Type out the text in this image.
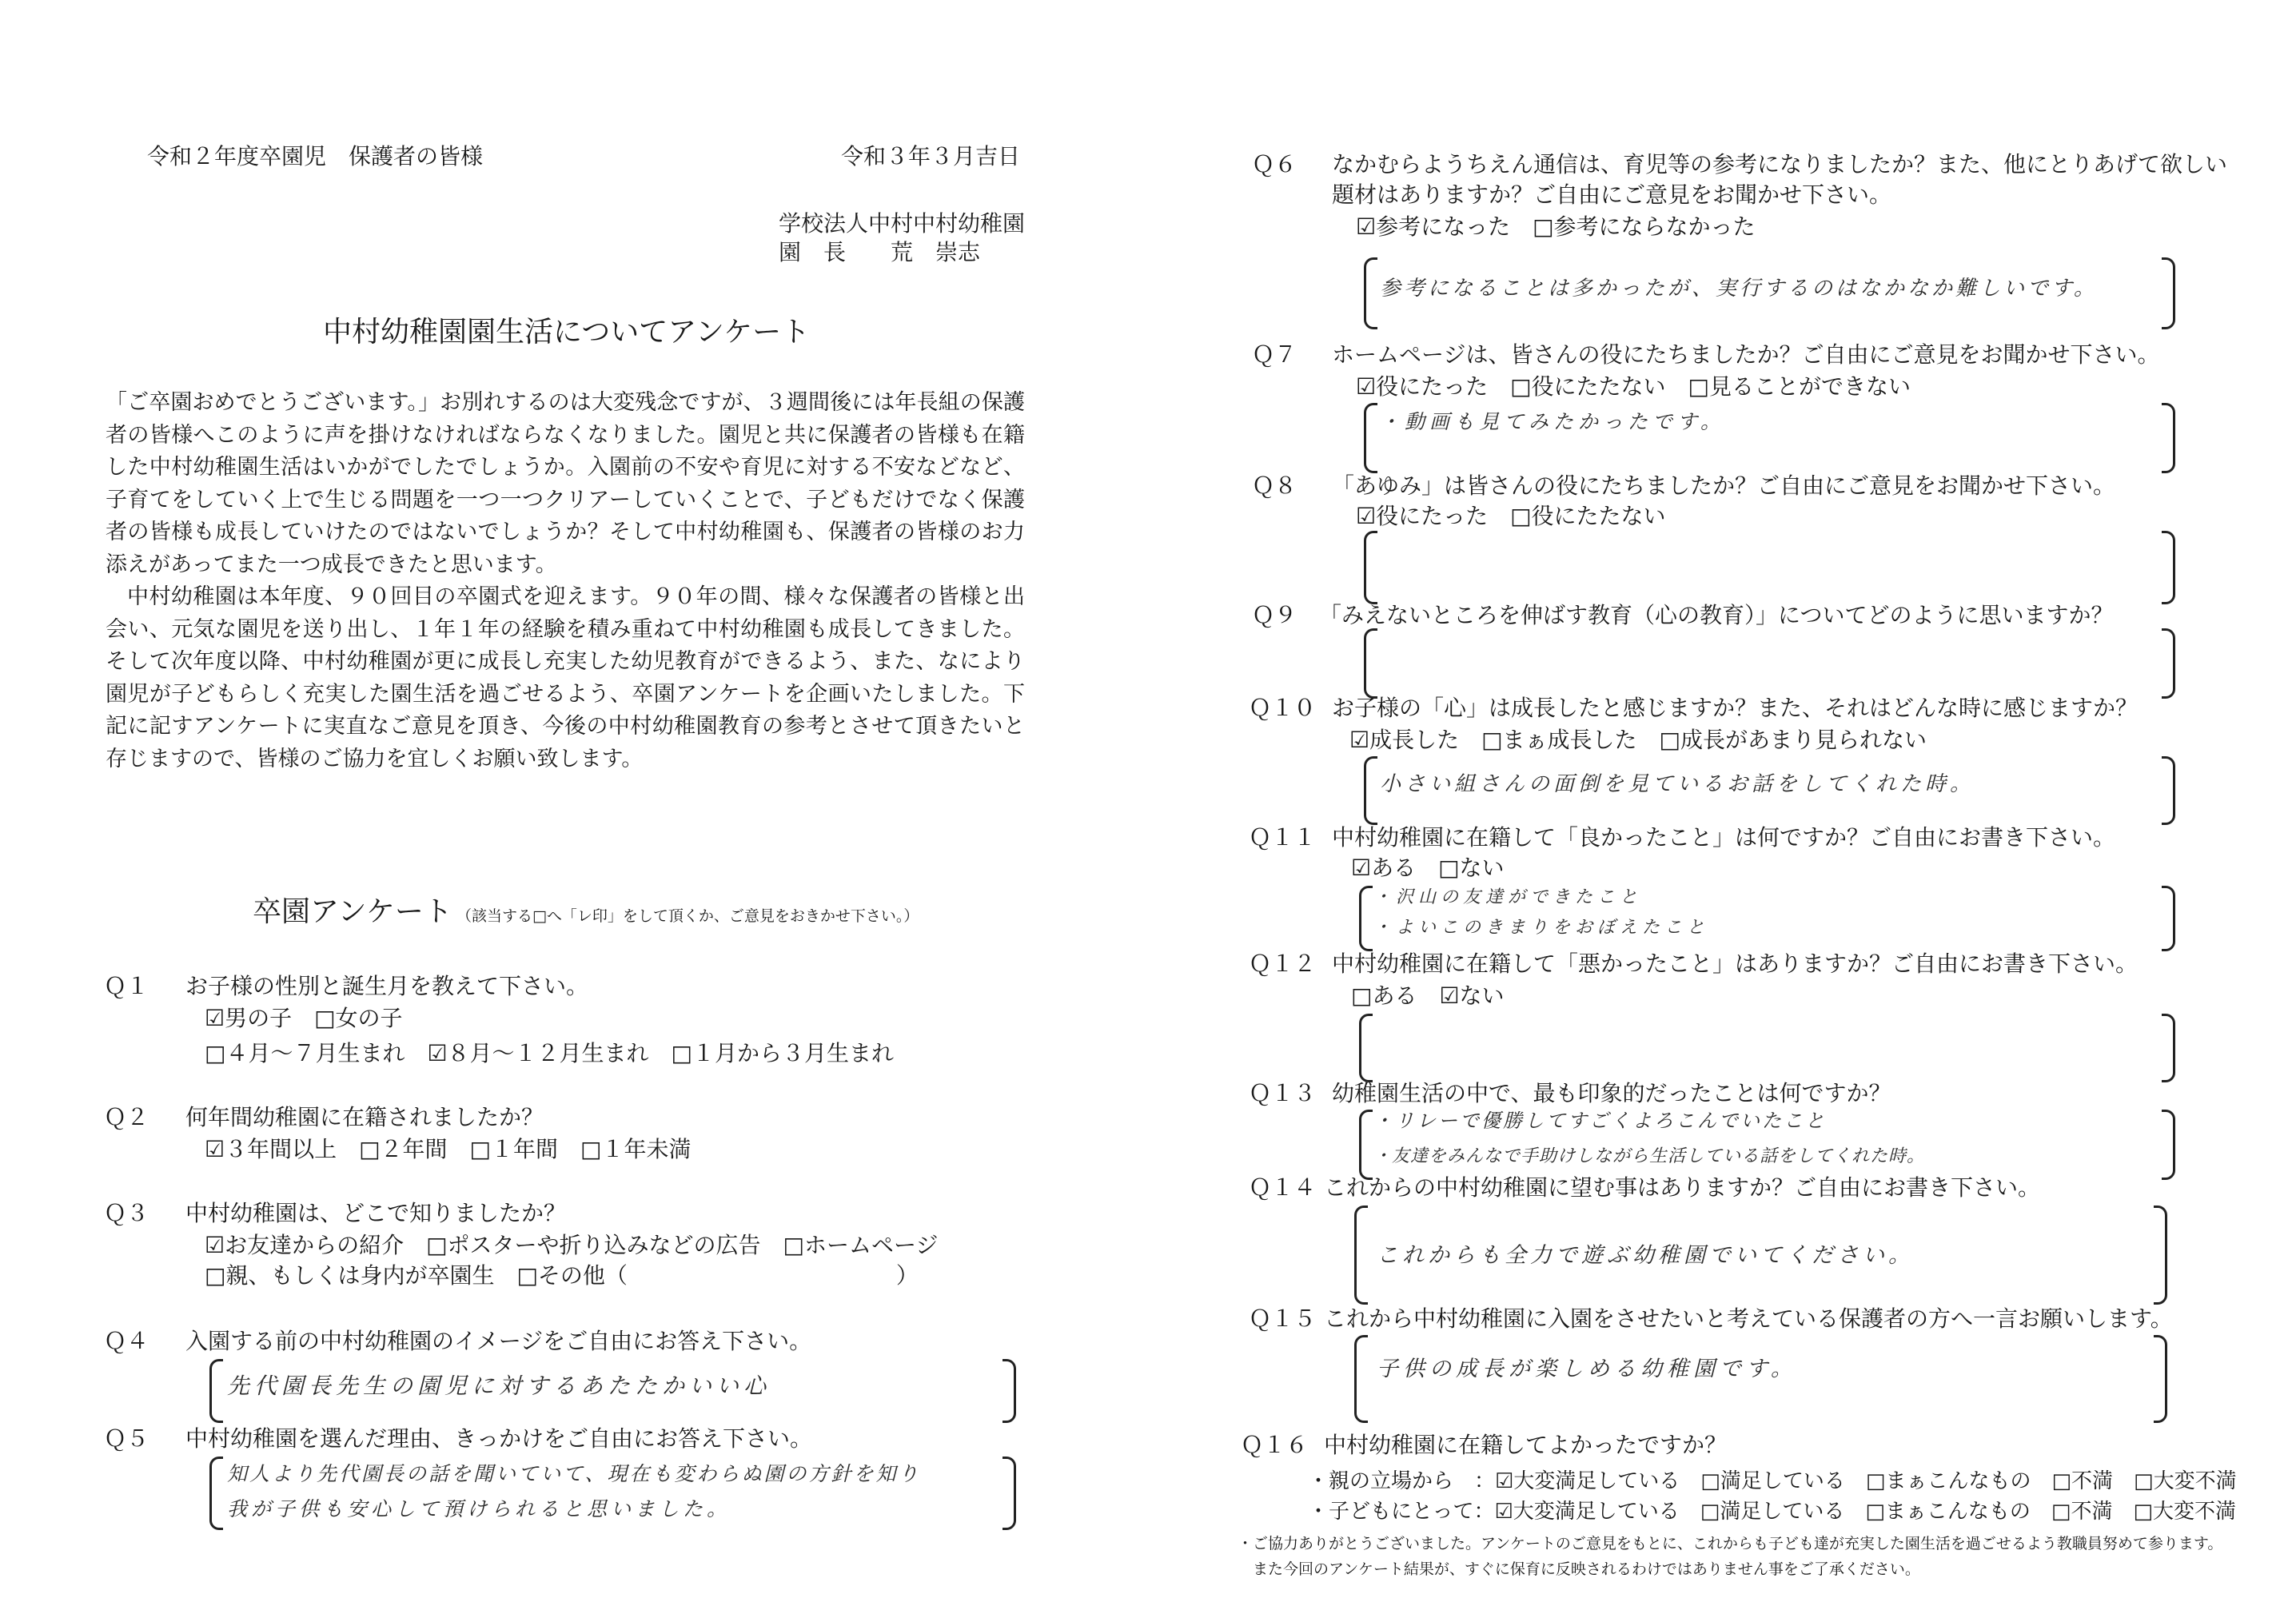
令和２年度卒園児　保護者の皆様	令和３年３月吉日
学校法人中村中村幼稚園
園　長　　荒　崇志
中村幼稚園園生活についてアンケート

「ご卒園おめでとうございます。」お別れするのは大変残念ですが、３週間後には年長組の保護者の皆様へこのように声を掛けなければならなくなりました。園児と共に保護者の皆様も在籍した中村幼稚園生活はいかがでしたでしょうか。入園前の不安や育児に対する不安などなど、子育てをしていく上で生じる問題を一つ一つクリアーしていくことで、子どもだけでなく保護者の皆様も成長していけたのではないでしょうか？そして中村幼稚園も、保護者の皆様のお力添えがあってまた一つ成長できたと思います。

中村幼稚園は本年度、９０回目の卒園式を迎えます。９０年の間、様々な保護者の皆様と出会い、元気な園児を送り出し、１年１年の経験を積み重ねて中村幼稚園も成長してきました。そして次年度以降、中村幼稚園が更に成長し充実した幼児教育ができるよう、また、なにより園児が子どもらしく充実した園生活を過ごせるよう、卒園アンケートを企画いたしました。下記に記すアンケートに実直なご意見を頂き、今後の中村幼稚園教育の参考とさせて頂きたいと存じますので、皆様のご協力を宜しくお願い致します。

卒園アンケート （該当する□へ「レ印」をして頂くか、ご意見をおきかせ下さい。）
Ｑ１ お子様の性別と誕生月を教えて下さい。
☑男の子　□女の子
□４月～７月生まれ　☑８月～１２月生まれ　□１月から３月生まれ
Ｑ２ 何年間幼稚園に在籍されましたか？
☑３年間以上　□２年間　□１年間　□１年未満
Ｑ３ 中村幼稚園は、どこで知りましたか？
☑お友達からの紹介　□ポスターや折り込みなどの広告　□ホームページ
□親、もしくは身内が卒園生　□その他（　　　　　　　　　　　　）
Ｑ４ 入園する前の中村幼稚園のイメージをご自由にお答え下さい。
先代園長先生の園児に対するあたたかいい心
Ｑ５ 中村幼稚園を選んだ理由、きっかけをご自由にお答え下さい。
知人より先代園長の話を聞いていて、現在も変わらぬ園の方針を知り
我が子供も安心して預けられると思いました。
Ｑ６ なかむらようちえん通信は、育児等の参考になりましたか？また、他にとりあげて欲しい
題材はありますか？ご自由にご意見をお聞かせ下さい。
☑参考になった　□参考にならなかった
参考になることは多かったが、実行するのはなかなか難しいです。
Ｑ７ ホームページは、皆さんの役にたちましたか？ご自由にご意見をお聞かせ下さい。
☑役にたった　□役にたたない　□見ることができない
・動画も見てみたかったです。
Ｑ８ 「あゆみ」は皆さんの役にたちましたか？ご自由にご意見をお聞かせ下さい。
☑役にたった　□役にたたない
Ｑ９ 「みえないところを伸ばす教育（心の教育）」についてどのように思いますか？
Ｑ１０ お子様の「心」は成長したと感じますか？また、それはどんな時に感じますか？
☑成長した　□まぁ成長した　□成長があまり見られない
小さい組さんの面倒を見ているお話をしてくれた時。
Ｑ１１ 中村幼稚園に在籍して「良かったこと」は何ですか？ご自由にお書き下さい。
☑ある　□ない
・沢山の友達ができたこと
・よいこのきまりをおぼえたこと
Ｑ１２ 中村幼稚園に在籍して「悪かったこと」はありますか？ご自由にお書き下さい。
□ある　☑ない
Ｑ１３ 幼稚園生活の中で、最も印象的だったことは何ですか？
・リレーで優勝してすごくよろこんでいたこと
・友達をみんなで手助けしながら生活している話をしてくれた時。
Ｑ１４ これからの中村幼稚園に望む事はありますか？ご自由にお書き下さい。
これからも全力で遊ぶ幼稚園でいてください。
Ｑ１５ これから中村幼稚園に入園をさせたいと考えている保護者の方へ一言お願いします。
子供の成長が楽しめる幼稚園です。
Ｑ１６ 中村幼稚園に在籍してよかったですか？
・親の立場から　：☑大変満足している　□満足している　□まぁこんなもの　□不満　□大変不満
・子どもにとって：☑大変満足している　□満足している　□まぁこんなもの　□不満　□大変不満
・ご協力ありがとうございました。アンケートのご意見をもとに、これからも子ども達が充実した園生活を過ごせるよう教職員努めて参ります。
　また今回のアンケート結果が、すぐに保育に反映されるわけではありません事をご了承ください。
